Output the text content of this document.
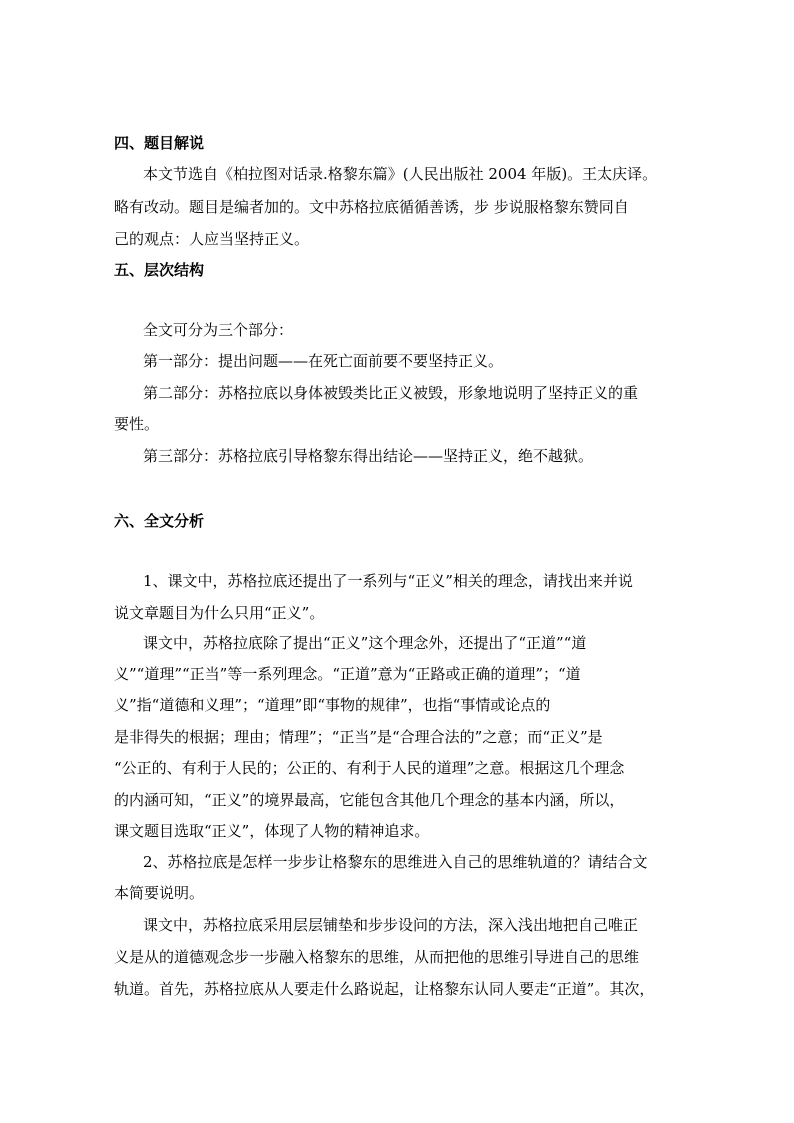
四、题目解说

本文节选自《柏拉图对话录.格黎东篇》(人民出版社 2004 年版)。王太庆译。

略有改动。题目是编者加的。文中苏格拉底循循善诱，步 步说服格黎东赞同自

己的观点：人应当坚持正义。

五、层次结构

全文可分为三个部分：

第一部分：提出问题——在死亡面前要不要坚持正义。

第二部分：苏格拉底以身体被毁类比正义被毁，形象地说明了坚持正义的重

要性。

第三部分：苏格拉底引导格黎东得出结论——坚持正义，绝不越狱。

六、全文分析

1、课文中，苏格拉底还提出了一系列与“正义”相关的理念，请找出来并说

说文章题目为什么只用“正义”。

课文中，苏格拉底除了提出“正义”这个理念外，还提出了“正道”“道

义”“道理”“正当”等一系列理念。“正道”意为“正路或正确的道理”；“道

义”指“道德和义理”；“道理”即“事物的规律”，也指“事情或论点的

是非得失的根据；理由；情理”；“正当”是“合理合法的”之意；而“正义”是

“公正的、有利于人民的；公正的、有利于人民的道理”之意。根据这几个理念

的内涵可知，“正义”的境界最高，它能包含其他几个理念的基本内涵，所以，

课文题目选取“正义”，体现了人物的精神追求。

2、苏格拉底是怎样一步步让格黎东的思维进入自己的思维轨道的？请结合文

本简要说明。

课文中，苏格拉底采用层层铺垫和步步设问的方法，深入浅出地把自己唯正

义是从的道德观念步一步融入格黎东的思维，从而把他的思维引导进自己的思维

轨道。首先，苏格拉底从人要走什么路说起，让格黎东认同人要走“正道”。其次，
